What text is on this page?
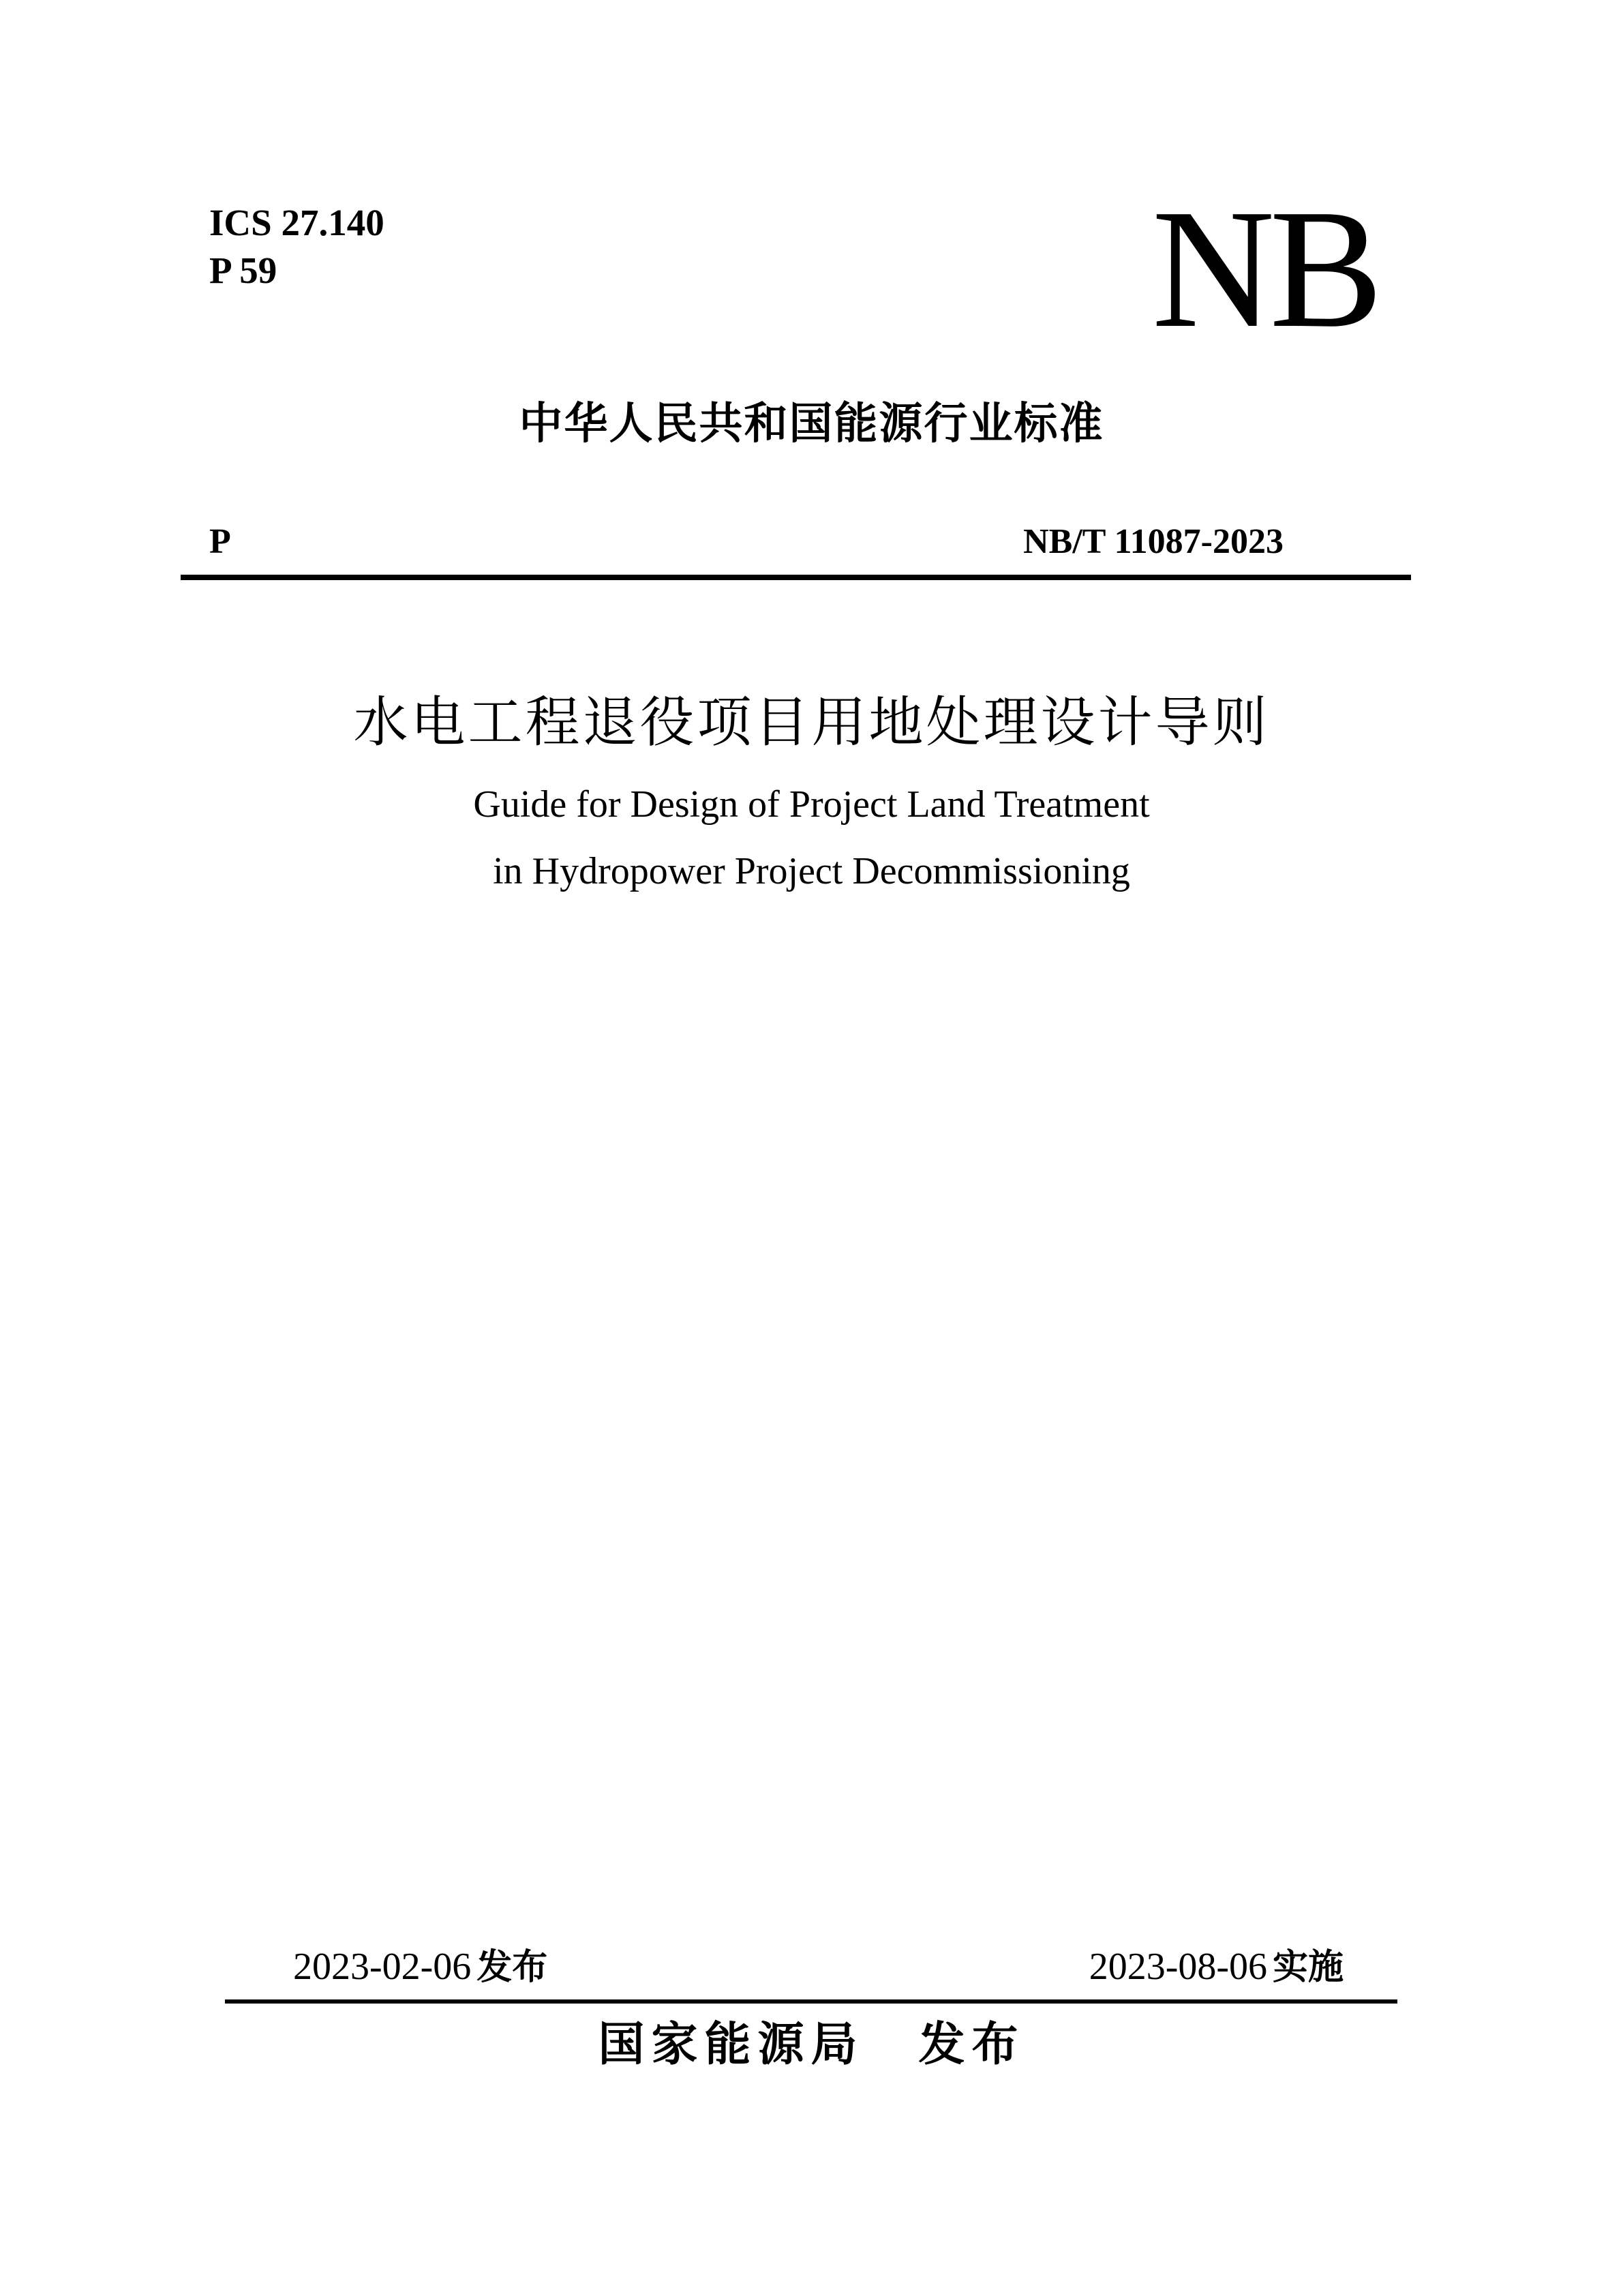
ICS 27.140
P 59	NB
中华人民共和国能源行业标准
P	NB/T 11087-2023
水电工程退役项目用地处理设计导则
Guide for Design of Project Land Treatment
in Hydropower Project Decommissioning
2023-02-06 发布	2023-08-06 实施
国家能源局 发布
